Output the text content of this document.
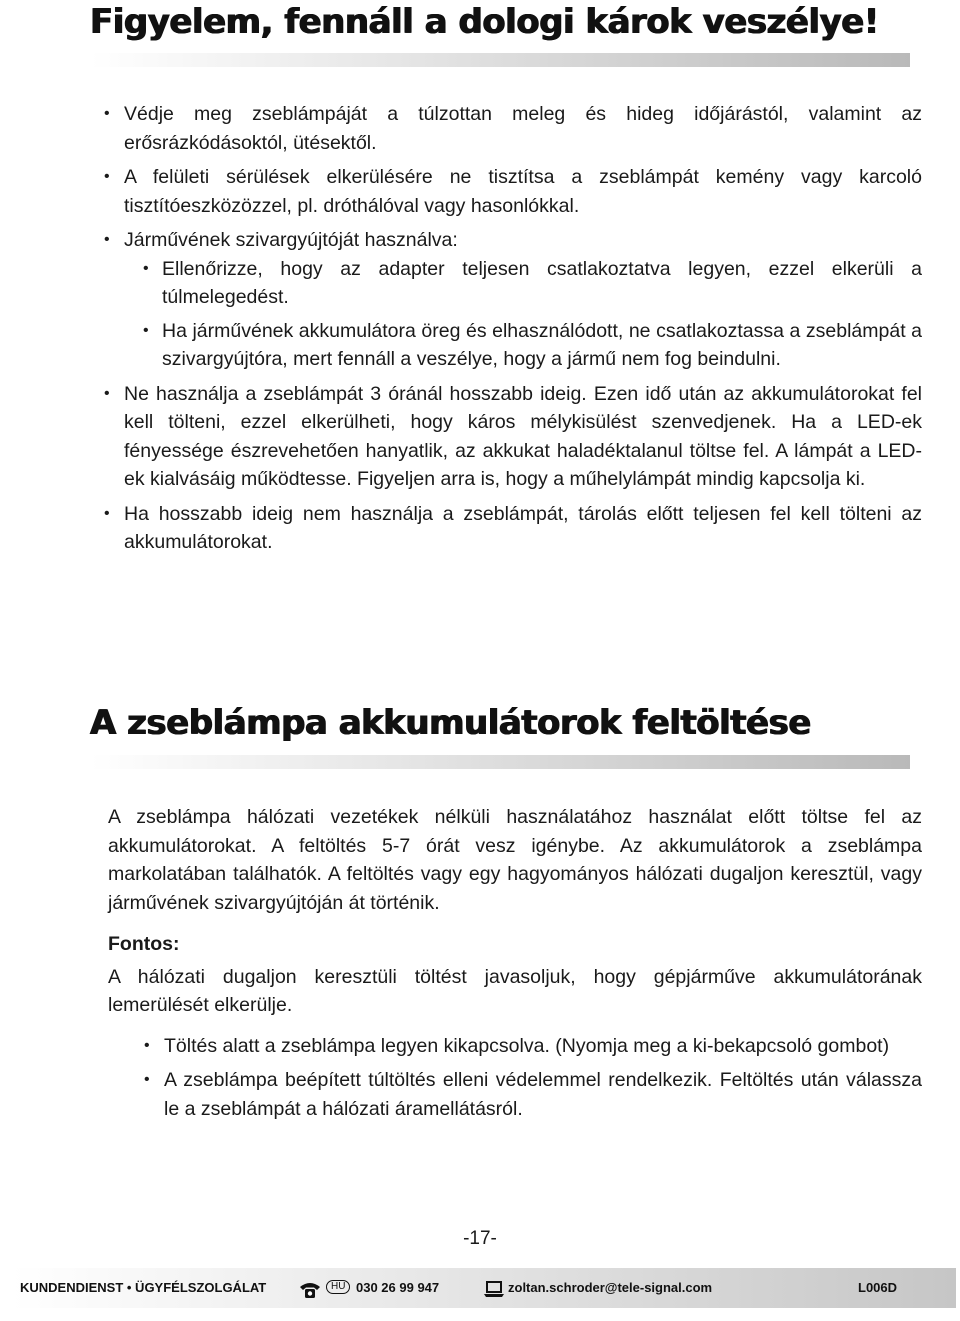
Figyelem, fennáll a dologi károk veszélye!
• Védje meg zseblámpáját a túlzottan meleg és hideg időjárástól, valamint az erősrázkódásoktól, ütésektől.
• A felületi sérülések elkerülésére ne tisztítsa a zseblámpát kemény vagy karcoló tisztítóeszközözzel, pl. dróthálóval vagy hasonlókkal.
• Járművének szivargyújtóját használva:
• Ellenőrizze, hogy az adapter teljesen csatlakoztatva legyen, ezzel elkerüli a túlmelegedést.
• Ha járművének akkumulátora öreg és elhasználódott, ne csatlakoztassa a zseblámpát a szivargyújtóra, mert fennáll a veszélye, hogy a jármű nem fog beindulni.
• Ne használja a zseblámpát 3 óránál hosszabb ideig. Ezen idő után az akkumulátorokat fel kell tölteni, ezzel elkerülheti, hogy káros mélykisülést szenvedjenek. Ha a LED-ek fényessége észrevehetően hanyatlik, az akkukat haladéktalanul töltse fel. A lámpát a LED-ek kialvásáig működtesse. Figyeljen arra is, hogy a műhelylámpát mindig kapcsolja ki.
• Ha hosszabb ideig nem használja a zseblámpát, tárolás előtt teljesen fel kell tölteni az akkumulátorokat.
A zseblámpa akkumulátorok feltöltése

A zseblámpa hálózati vezetékek nélküli használatához használat előtt töltse fel az akkumulátorokat. A feltöltés 5-7 órát vesz igénybe. Az akkumulátorok a zseblámpa markolatában találhatók. A feltöltés vagy egy hagyományos hálózati dugaljon keresztül, vagy járművének szivargyújtóján át történik.

Fontos:

A hálózati dugaljon keresztüli töltést javasoljuk, hogy gépjárműve akkumulátorának lemerülését elkerülje.

• Töltés alatt a zseblámpa legyen kikapcsolva. (Nyomja meg a ki-bekapcsoló gombot)
• A zseblámpa beépített túltöltés elleni védelemmel rendelkezik. Feltöltés után válassza le a zseblámpát a hálózati áramellátásról.
-17-
KUNDENDIENST • ÜGYFÉLSZOLGÁLAT	HU 030 26 99 947	zoltan.schroder@tele-signal.com	L006D
